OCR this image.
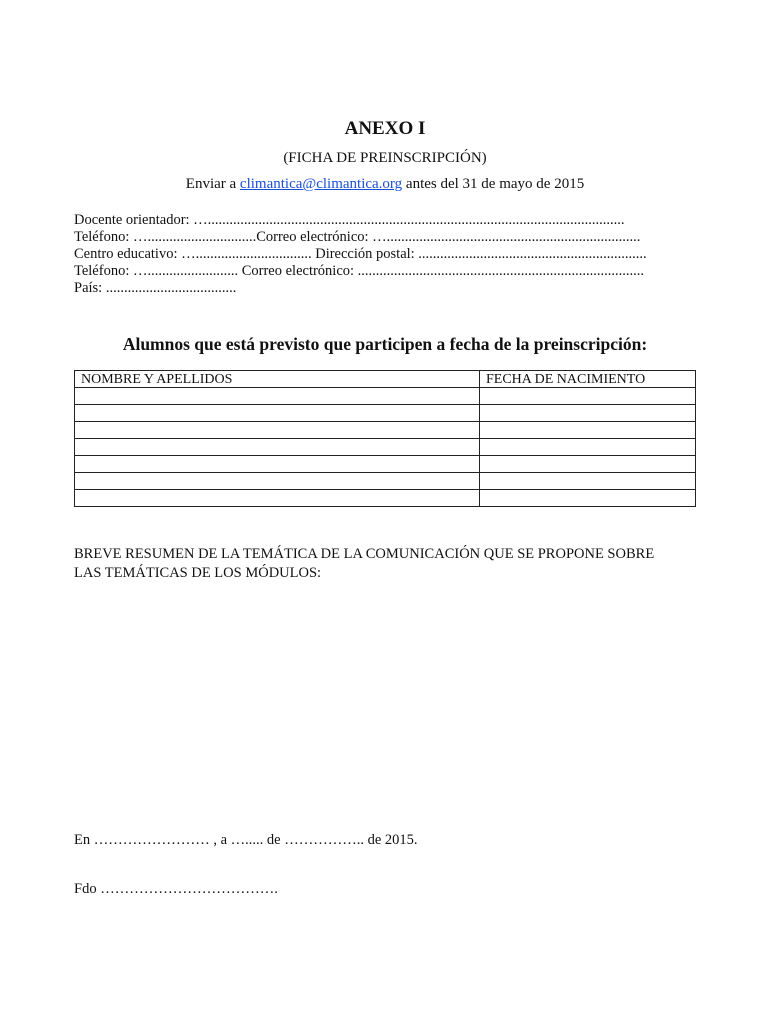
ANEXO I
(FICHA DE PREINSCRIPCIÓN)
Enviar a climantica@climantica.org antes del 31 de mayo de 2015
Docente orientador: …...................................................................................................................
Teléfono: …..............................Correo electrónico: …......................................................................
Centro educativo: …................................ Dirección postal: ...............................................................
Teléfono: …......................... Correo electrónico: ...............................................................................
País: ....................................
Alumnos que está previsto que participen a fecha de la preinscripción:
NOMBRE Y APELLIDOS	FECHA DE NACIMIENTO

BREVE RESUMEN DE LA TEMÁTICA DE LA COMUNICACIÓN QUE SE PROPONE SOBRE
LAS TEMÁTICAS DE LOS MÓDULOS:
En …………………… , a …..... de …………….. de 2015.
Fdo ……………………………….
